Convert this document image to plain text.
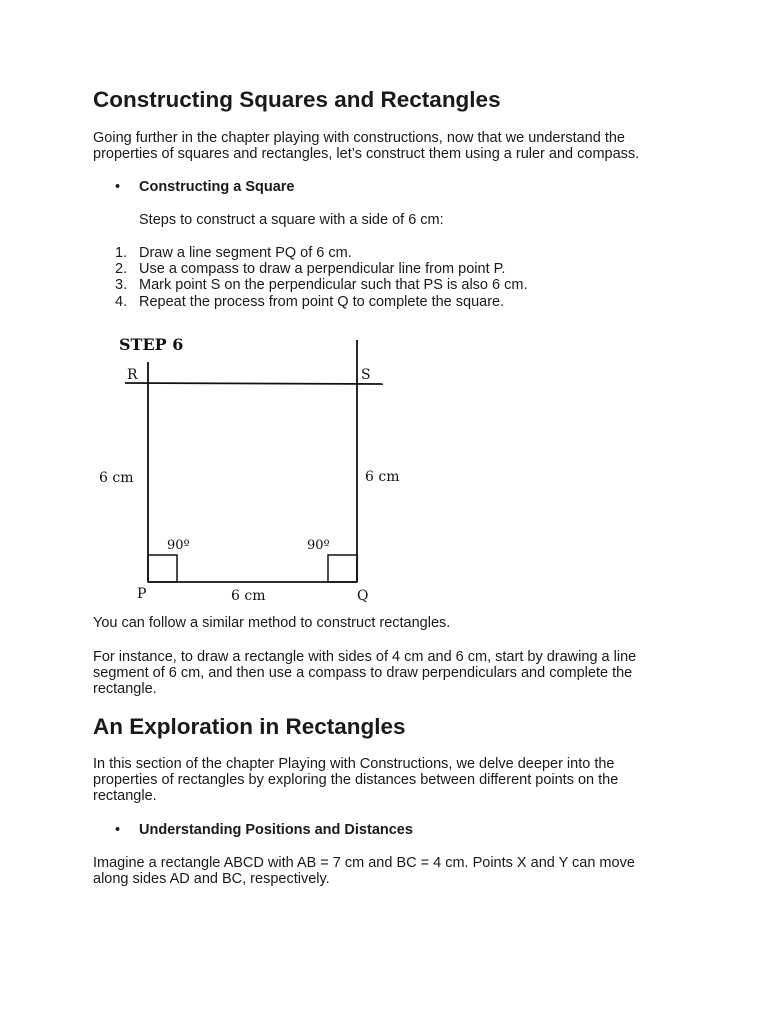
Constructing Squares and Rectangles

Going further in the chapter playing with constructions, now that we understand the

properties of squares and rectangles, let’s construct them using a ruler and compass.

• Constructing a Square

Steps to construct a square with a side of 6 cm:

1. Draw a line segment PQ of 6 cm.
2. Use a compass to draw a perpendicular line from point P.
3. Mark point S on the perpendicular such that PS is also 6 cm.
4. Repeat the process from point Q to complete the square.

You can follow a similar method to construct rectangles.

For instance, to draw a rectangle with sides of 4 cm and 6 cm, start by drawing a line

segment of 6 cm, and then use a compass to draw perpendiculars and complete the

rectangle.

An Exploration in Rectangles

In this section of the chapter Playing with Constructions, we delve deeper into the

properties of rectangles by exploring the distances between different points on the

rectangle.

• Understanding Positions and Distances

Imagine a rectangle ABCD with AB = 7 cm and BC = 4 cm. Points X and Y can move

along sides AD and BC, respectively.

STEP 6
R	S
6 cm	6 cm
90º	90º
P	Q
6 cm
